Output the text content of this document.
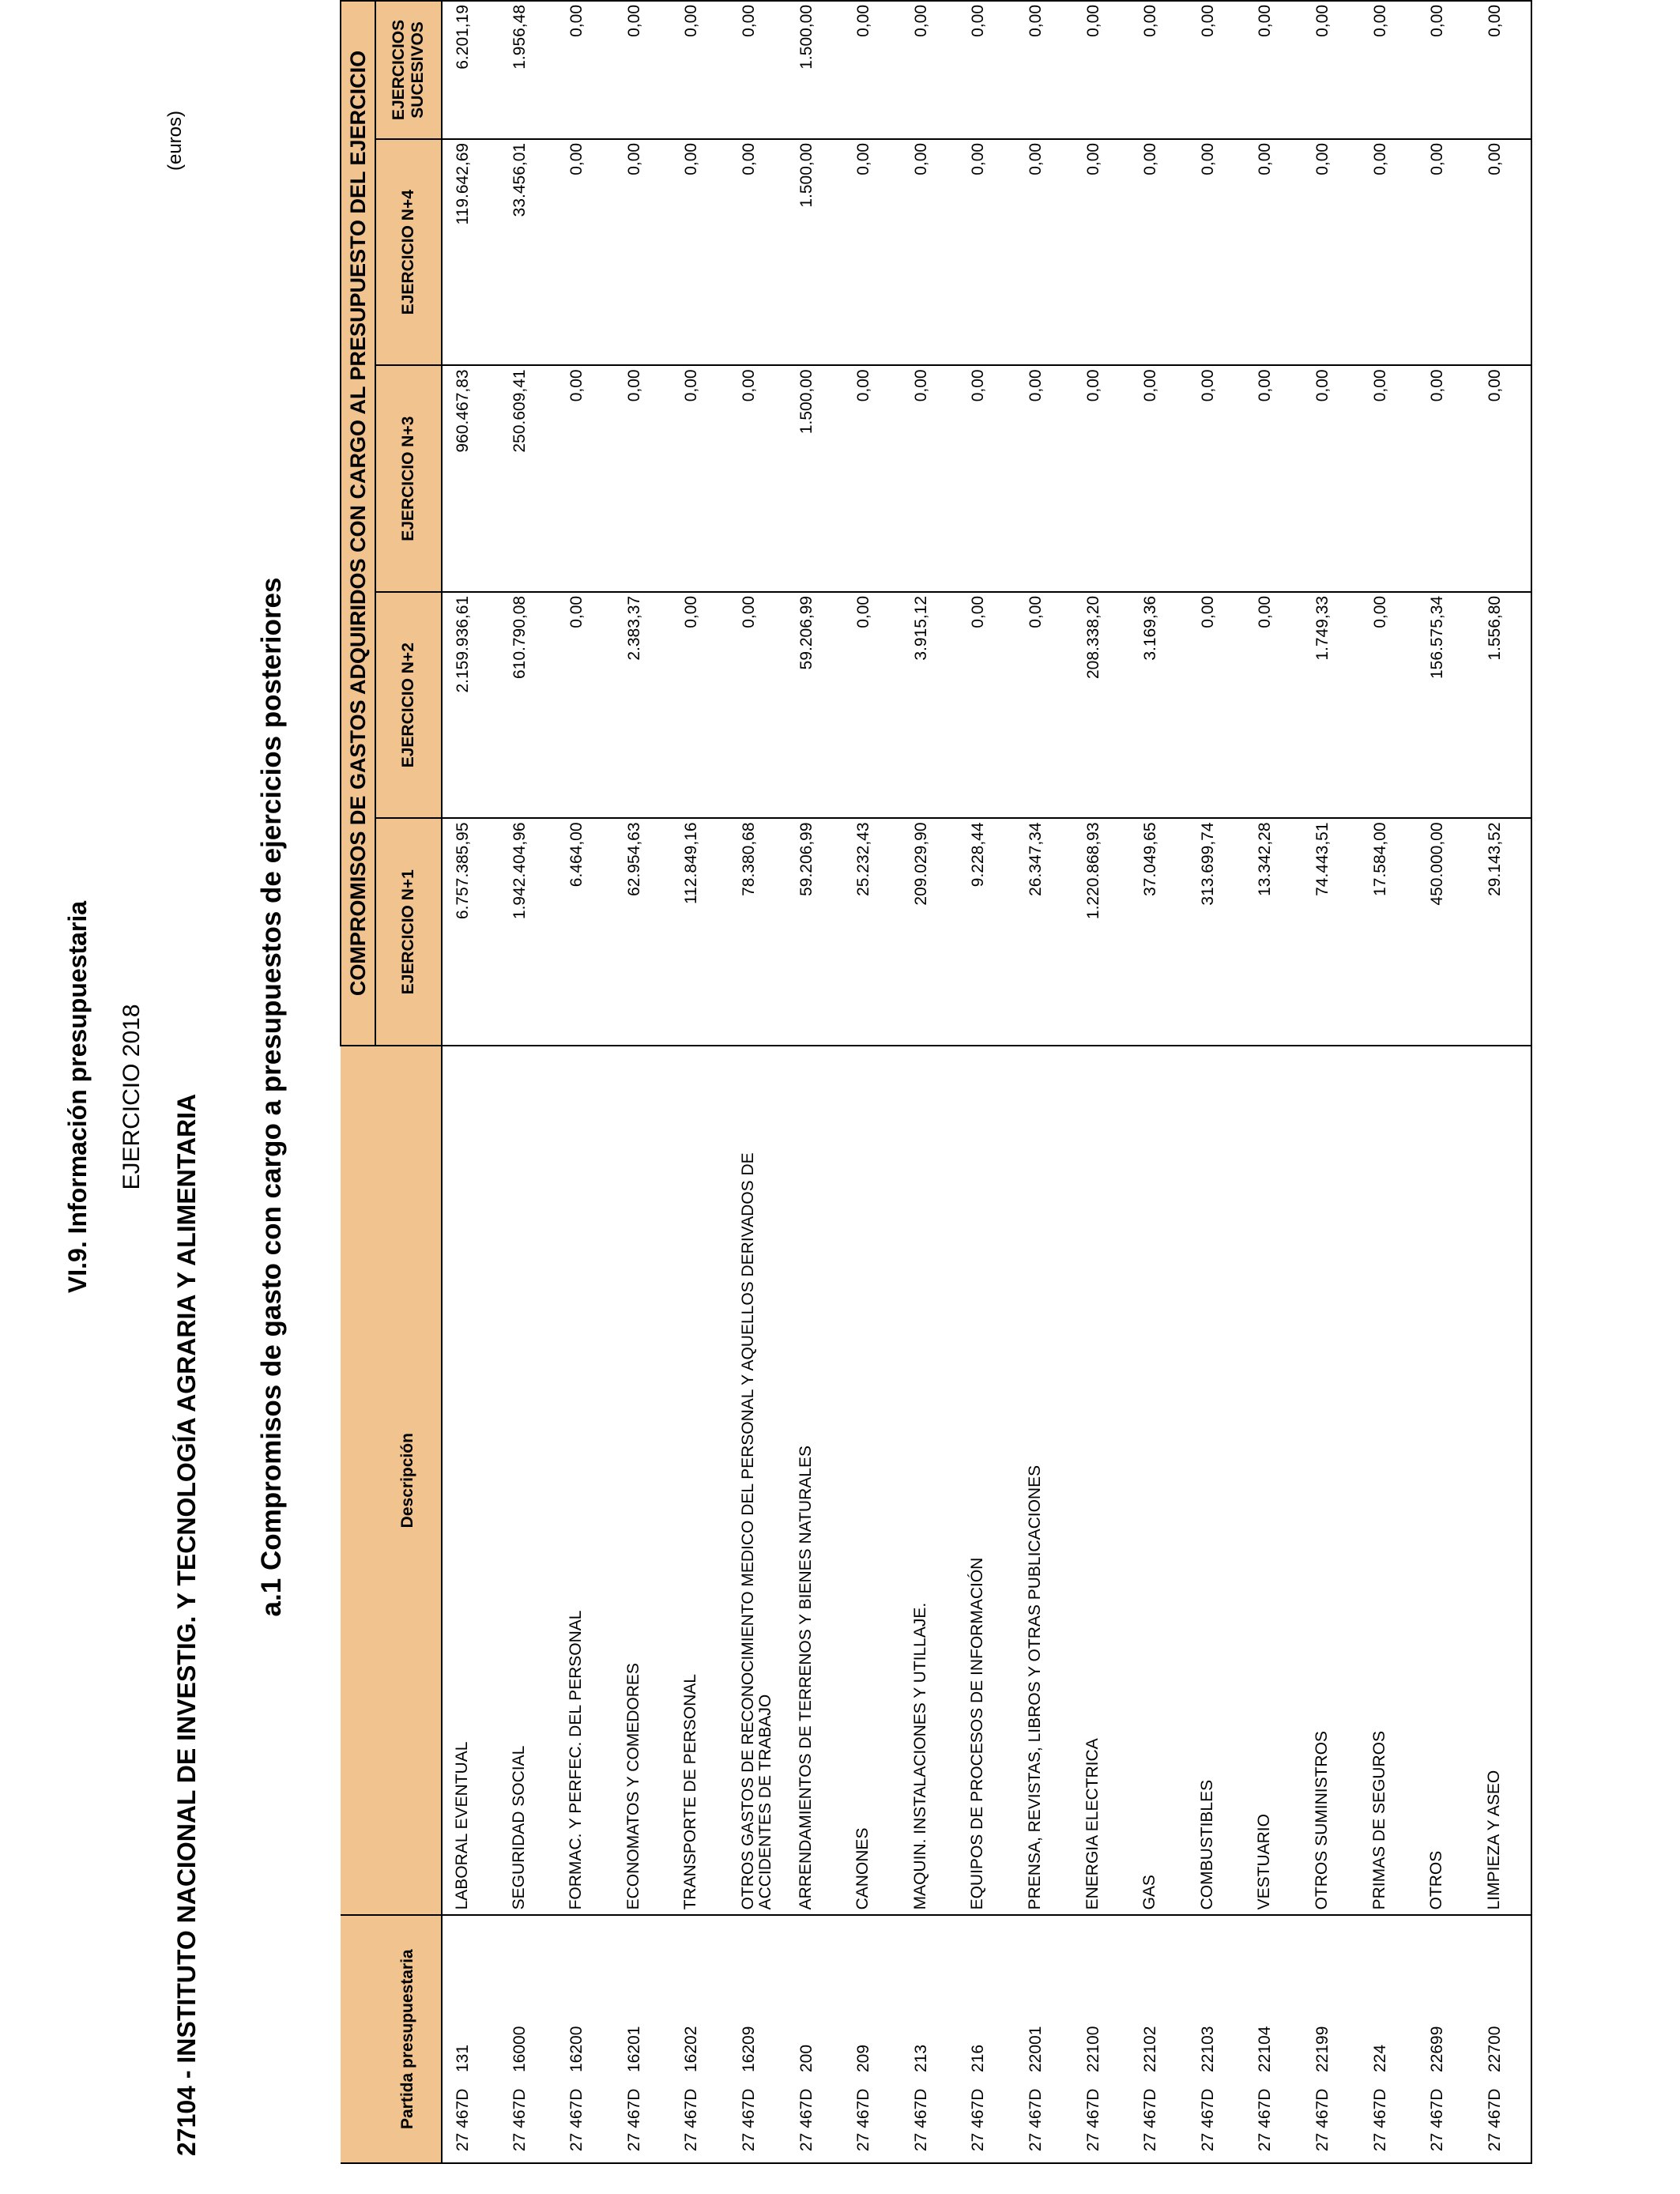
VI.9. Información presupuestaria EJERCICIO 2018 27104 - INSTITUTO NACIONAL DE INVESTIG. Y TECNOLOGÍA AGRARIA Y ALIMENTARIA a.1 Compromisos de gasto con cargo a presupuestos de ejercicios posteriores
(euros)
Partida presupuestaria	Descripción	COMPROMISOS DE GASTOS ADQUIRIDOS CON CARGO AL PRESUPUESTO DEL EJERCICIO				
		EJERCICIO N+1	EJERCICIO N+2	EJERCICIO N+3	EJERCICIO N+4	EJERCICIOS SUCESIVOS
27 467D131	LABORAL EVENTUAL	6.757.385,95	2.159.936,61	960.467,83	119.642,69	6.201,19
27 467D16000	SEGURIDAD SOCIAL	1.942.404,96	610.790,08	250.609,41	33.456,01	1.956,48
27 467D16200	FORMAC. Y PERFEC. DEL PERSONAL	6.464,00	0,00	0,00	0,00	0,00
27 467D16201	ECONOMATOS Y COMEDORES	62.954,63	2.383,37	0,00	0,00	0,00
27 467D16202	TRANSPORTE DE PERSONAL	112.849,16	0,00	0,00	0,00	0,00
27 467D16209	OTROS GASTOS DE RECONOCIMIENTO MEDICO DEL PERSONAL Y AQUELLOS DERIVADOS DE ACCIDENTES DE TRABAJO	78.380,68	0,00	0,00	0,00	0,00
27 467D200	ARRENDAMIENTOS DE TERRENOS Y BIENES NATURALES	59.206,99	59.206,99	1.500,00	1.500,00	1.500,00
27 467D209	CANONES	25.232,43	0,00	0,00	0,00	0,00
27 467D213	MAQUIN. INSTALACIONES Y UTILLAJE.	209.029,90	3.915,12	0,00	0,00	0,00
27 467D216	EQUIPOS DE PROCESOS DE INFORMACIÓN	9.228,44	0,00	0,00	0,00	0,00
27 467D22001	PRENSA, REVISTAS, LIBROS Y OTRAS PUBLICACIONES	26.347,34	0,00	0,00	0,00	0,00
27 467D22100	ENERGIA ELECTRICA	1.220.868,93	208.338,20	0,00	0,00	0,00
27 467D22102	GAS	37.049,65	3.169,36	0,00	0,00	0,00
27 467D22103	COMBUSTIBLES	313.699,74	0,00	0,00	0,00	0,00
27 467D22104	VESTUARIO	13.342,28	0,00	0,00	0,00	0,00
27 467D22199	OTROS SUMINISTROS	74.443,51	1.749,33	0,00	0,00	0,00
27 467D224	PRIMAS DE SEGUROS	17.584,00	0,00	0,00	0,00	0,00
27 467D22699	OTROS	450.000,00	156.575,34	0,00	0,00	0,00
27 467D22700	LIMPIEZA Y ASEO	29.143,52	1.556,80	0,00	0,00	0,00
